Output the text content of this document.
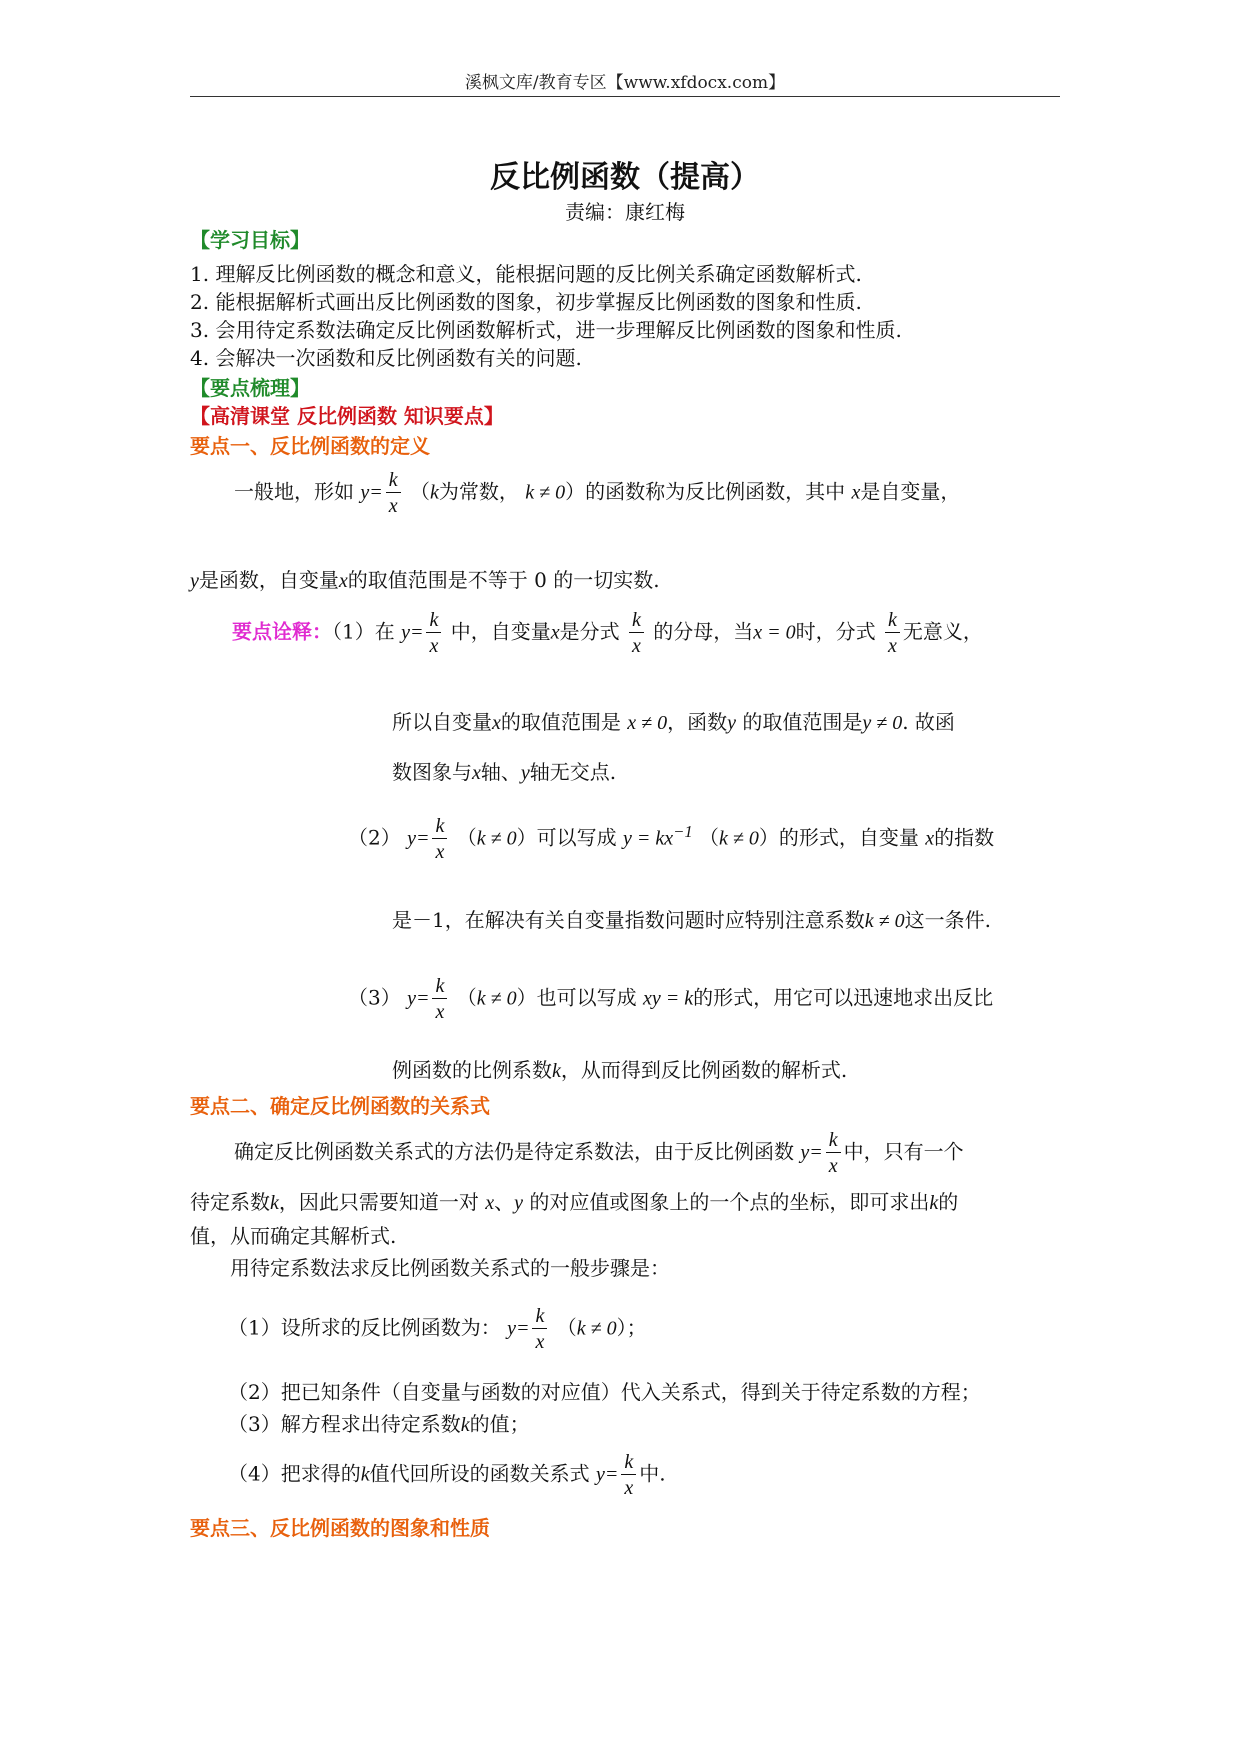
溪枫文库/教育专区【www.xfdocx.com】
反比例函数（提高）
责编：康红梅
【学习目标】
1. 理解反比例函数的概念和意义，能根据问题的反比例关系确定函数解析式.
2. 能根据解析式画出反比例函数的图象，初步掌握反比例函数的图象和性质.
3. 会用待定系数法确定反比例函数解析式，进一步理解反比例函数的图象和性质.
4. 会解决一次函数和反比例函数有关的问题.
【要点梳理】
【高清课堂 反比例函数 知识要点】
要点一、反比例函数的定义
一般地，形如 $y= \frac{k}{x} (k$为常数， k ≠ 0）的函数称为反比例函数，其中 x是自变量，
y是函数，自变量x的取值范围是不等于 0 的一切实数.
要点诠释：（1）在 $y= \frac{k}{x}$ 中，自变量x是分式 $\frac{k}{x}$ 的分母，当x = 0时，分式 $\frac{k}{x}$ 无意义，
所以自变量x的取值范围是 x ≠ 0，函数y 的取值范围是y ≠ 0. 故函
数图象与x轴、y轴无交点.
（2） $y= \frac{k}{x} (k \ne 0)$可以写成 $y = kx^{-1}$ （k ≠ 0）的形式，自变量 x的指数
是－1，在解决有关自变量指数问题时应特别注意系数k ≠ 0这一条件.
（3） $y= \frac{k}{x} (k \ne 0)$也可以写成 xy = k的形式，用它可以迅速地求出反比
例函数的比例系数k，从而得到反比例函数的解析式.
要点二、确定反比例函数的关系式
确定反比例函数关系式的方法仍是待定系数法，由于反比例函数 $y= \frac{k}{x}$ 中，只有一个
待定系数k，因此只需要知道一对 x、y 的对应值或图象上的一个点的坐标，即可求出k的
值，从而确定其解析式.
用待定系数法求反比例函数关系式的一般步骤是：
（1）设所求的反比例函数为： $y= \frac{k}{x} (k \ne 0)$；
（2）把已知条件（自变量与函数的对应值）代入关系式，得到关于待定系数的方程；
（3）解方程求出待定系数k的值；
（4）把求得的k值代回所设的函数关系式 $y= \frac{k}{x}$ 中.
要点三、反比例函数的图象和性质
